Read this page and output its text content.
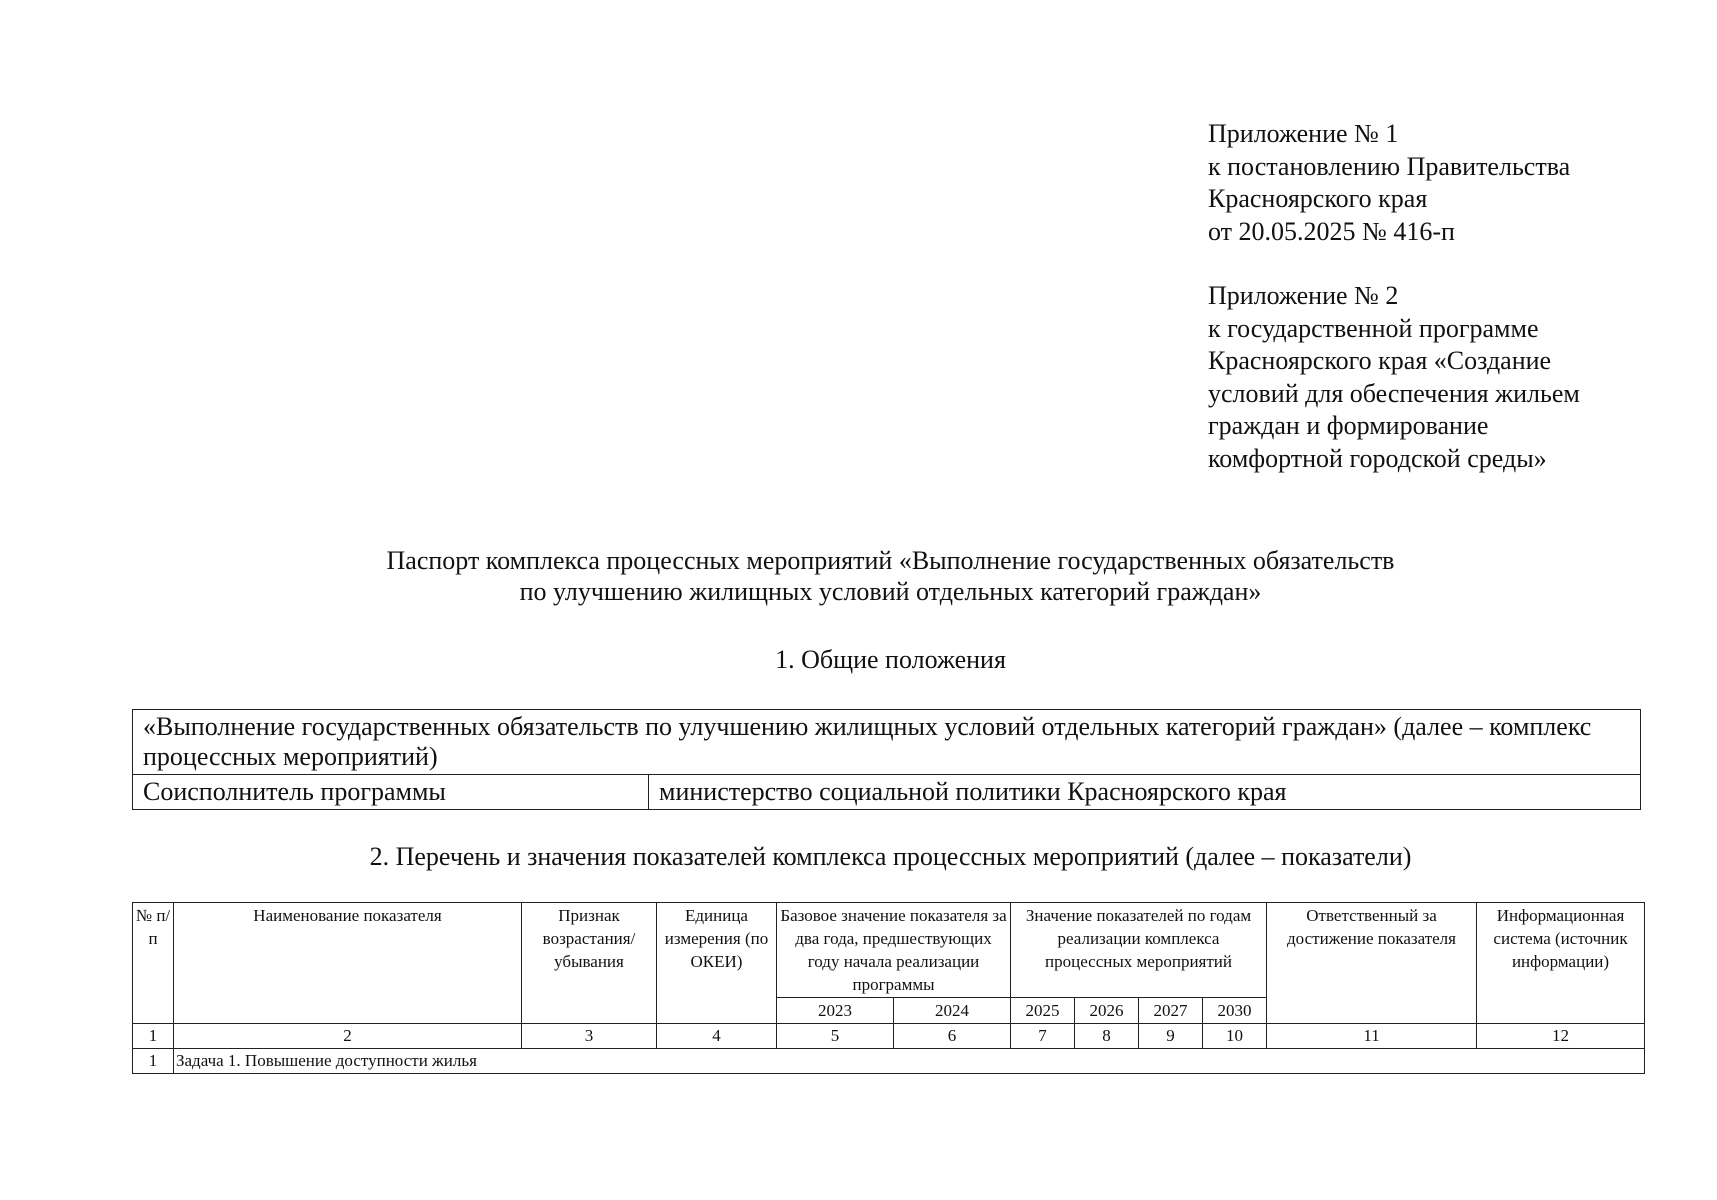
Приложение № 1

к постановлению Правительства

Красноярского края

от 20.05.2025 № 416-п

Приложение № 2

к государственной программе

Красноярского края «Создание

условий для обеспечения жильем

граждан и формирование

комфортной городской среды»

Паспорт комплекса процессных мероприятий «Выполнение государственных обязательств

по улучшению жилищных условий отдельных категорий граждан»

1. Общие положения
«Выполнение государственных обязательств по улучшению жилищных условий отдельных категорий граждан» (далее – комплекс процессных мероприятий)
Соисполнитель программы	министерство социальной политики Красноярского края
2. Перечень и значения показателей комплекса процессных мероприятий (далее – показатели)
№ п/п	Наименование показателя	Признак возрастания/ убывания	Единица измерения (по ОКЕИ)	Базовое значение показателя за два года, предшествующих году начала реализации программы		Значение показателей по годам реализации комплекса процессных мероприятий				Ответственный за достижение показателя	Информационная система (источник информации)
				2023	2024	2025	2026	2027	2030		
1	2	3	4	5	6	7	8	9	10	11	12
1	Задача 1. Повышение доступности жилья										
